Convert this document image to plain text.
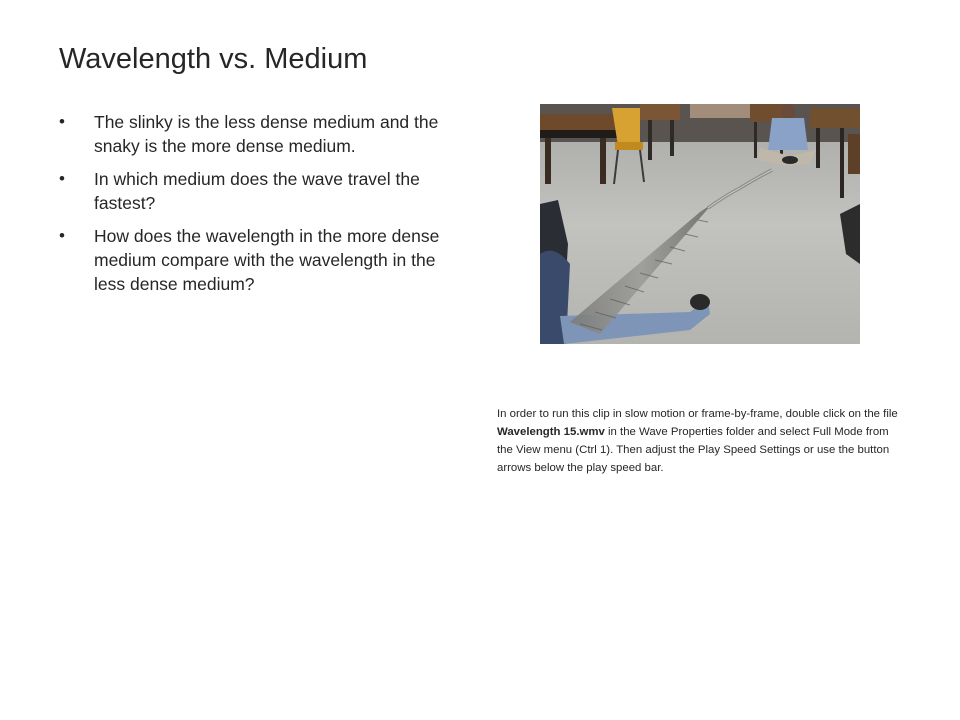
Wavelength vs. Medium
•	The slinky is the less dense medium and the snaky is the more dense medium.
•	In which medium does the wave travel the fastest?
•	How does the wavelength in the more dense medium compare with the wavelength in the less dense medium?
In order to run this clip in slow motion or frame-by-frame, double click on the file Wavelength 15.wmv in the Wave Properties folder and select Full Mode from the View menu (Ctrl 1). Then adjust the Play Speed Settings or use the button arrows below the play speed bar.
